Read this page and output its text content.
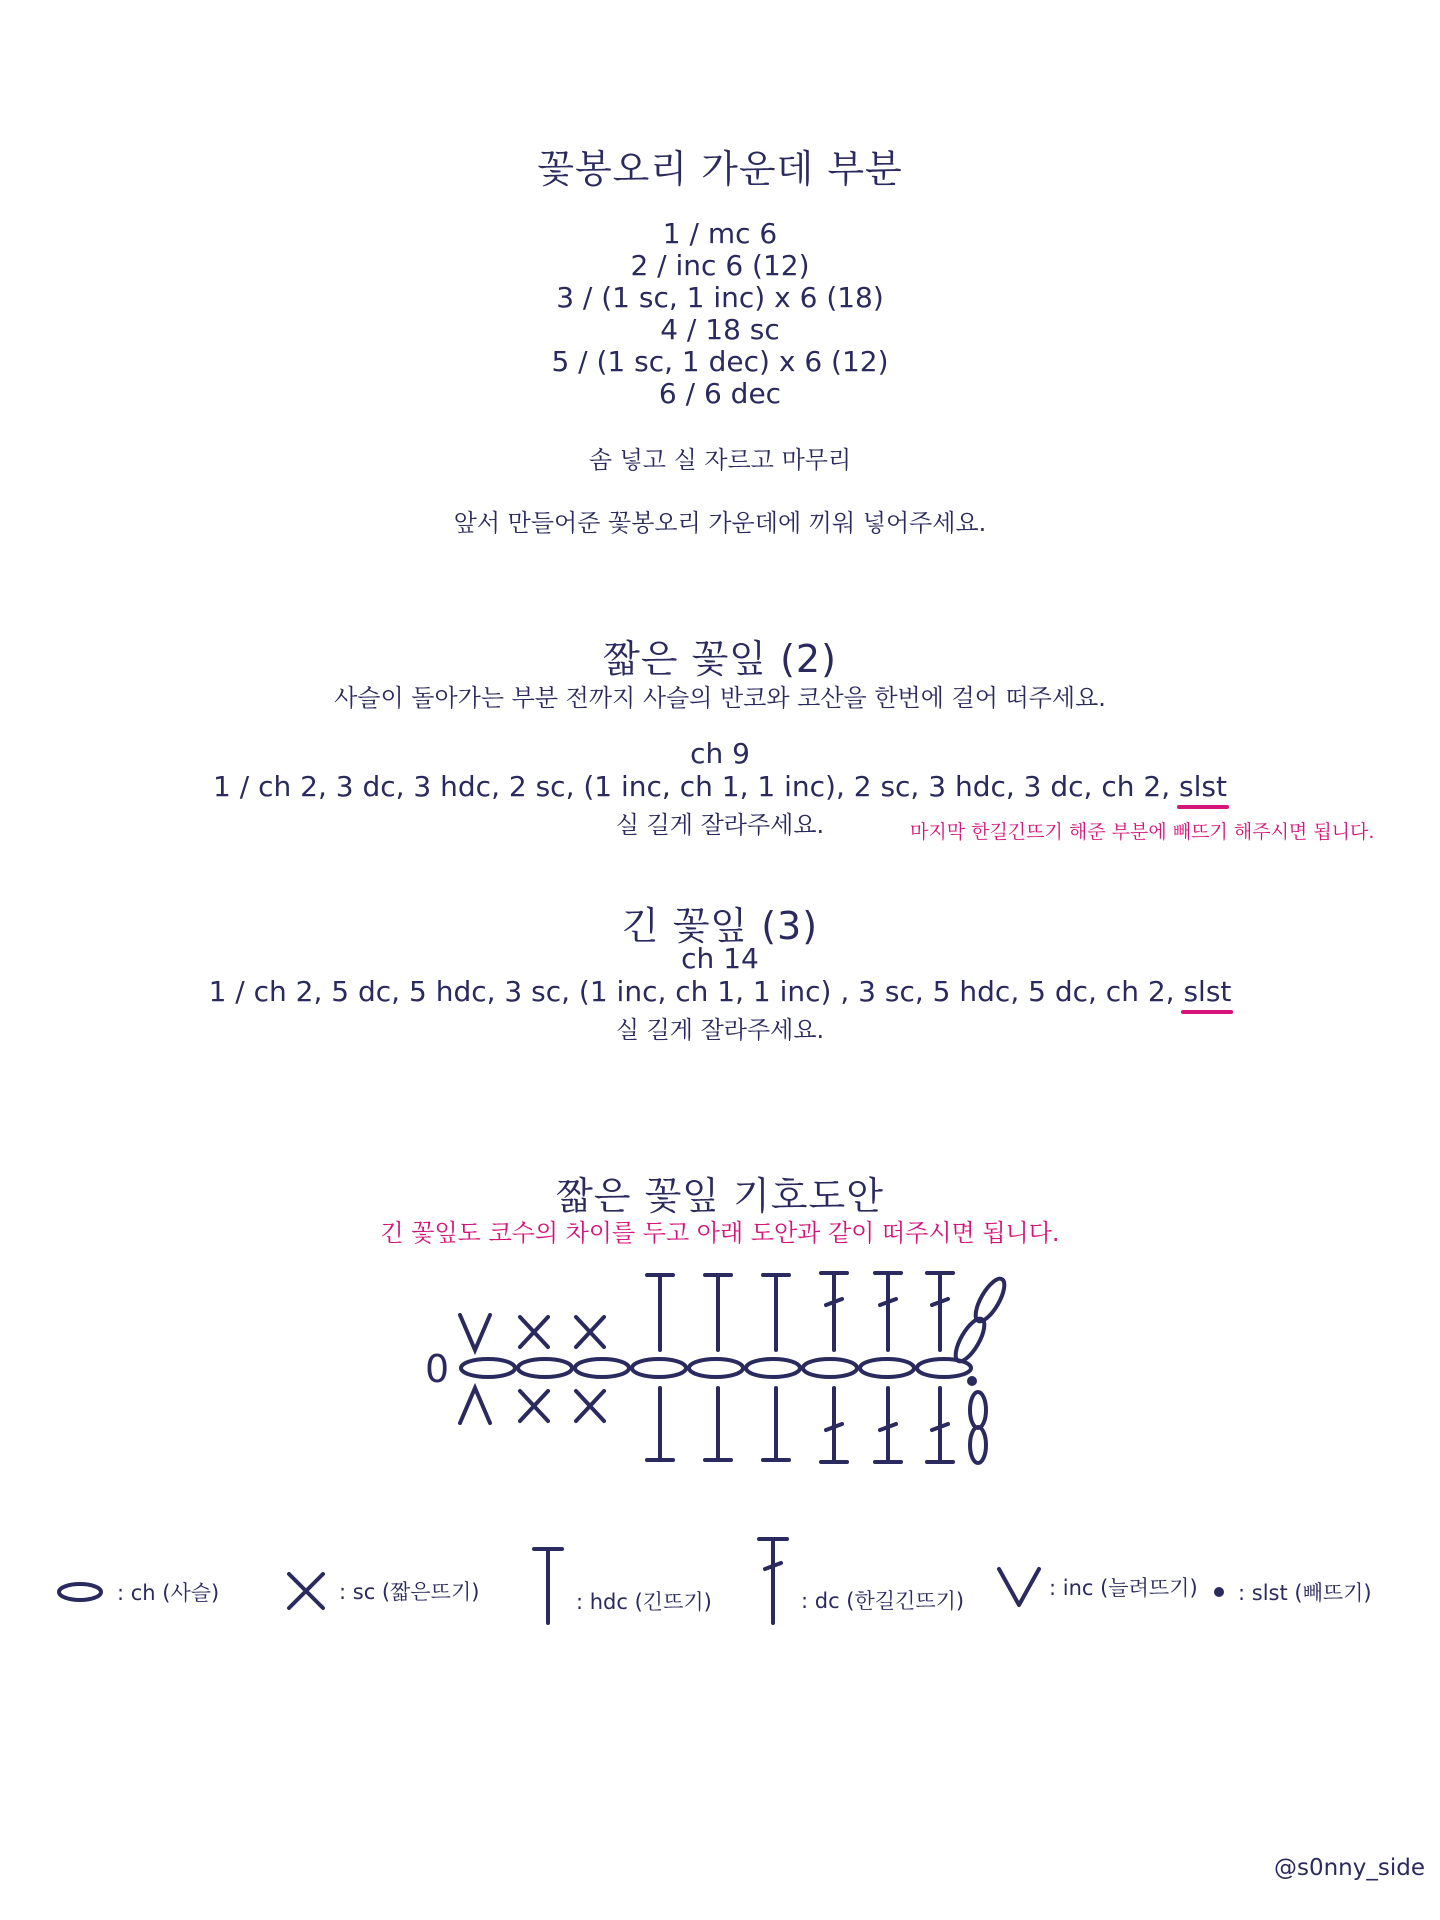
꽃봉오리 가운데 부분
1 / mc 6
2 / inc 6 (12)
3 / (1 sc, 1 inc) x 6 (18)
4 / 18 sc
5 / (1 sc, 1 dec) x 6 (12)
6 / 6 dec
솜 넣고 실 자르고 마무리
앞서 만들어준 꽃봉오리 가운데에 끼워 넣어주세요.
짧은 꽃잎 (2)
사슬이 돌아가는 부분 전까지 사슬의 반코와 코산을 한번에 걸어 떠주세요.
ch 9
1 / ch 2, 3 dc, 3 hdc, 2 sc, (1 inc, ch 1, 1 inc), 2 sc, 3 hdc, 3 dc, ch 2, slst
실 길게 잘라주세요.	마지막 한길긴뜨기 해준 부분에 빼뜨기 해주시면 됩니다.
긴 꽃잎 (3)
ch 14
1 / ch 2, 5 dc, 5 hdc, 3 sc, (1 inc, ch 1, 1 inc) , 3 sc, 5 hdc, 5 dc, ch 2, slst
실 길게 잘라주세요.
짧은 꽃잎 기호도안
긴 꽃잎도 코수의 차이를 두고 아래 도안과 같이 떠주시면 됩니다.
0
: ch (사슬)	: sc (짧은뜨기)	: hdc (긴뜨기)	: dc (한길긴뜨기)
: inc (늘려뜨기) : slst (빼뜨기)
@s0nny_side
